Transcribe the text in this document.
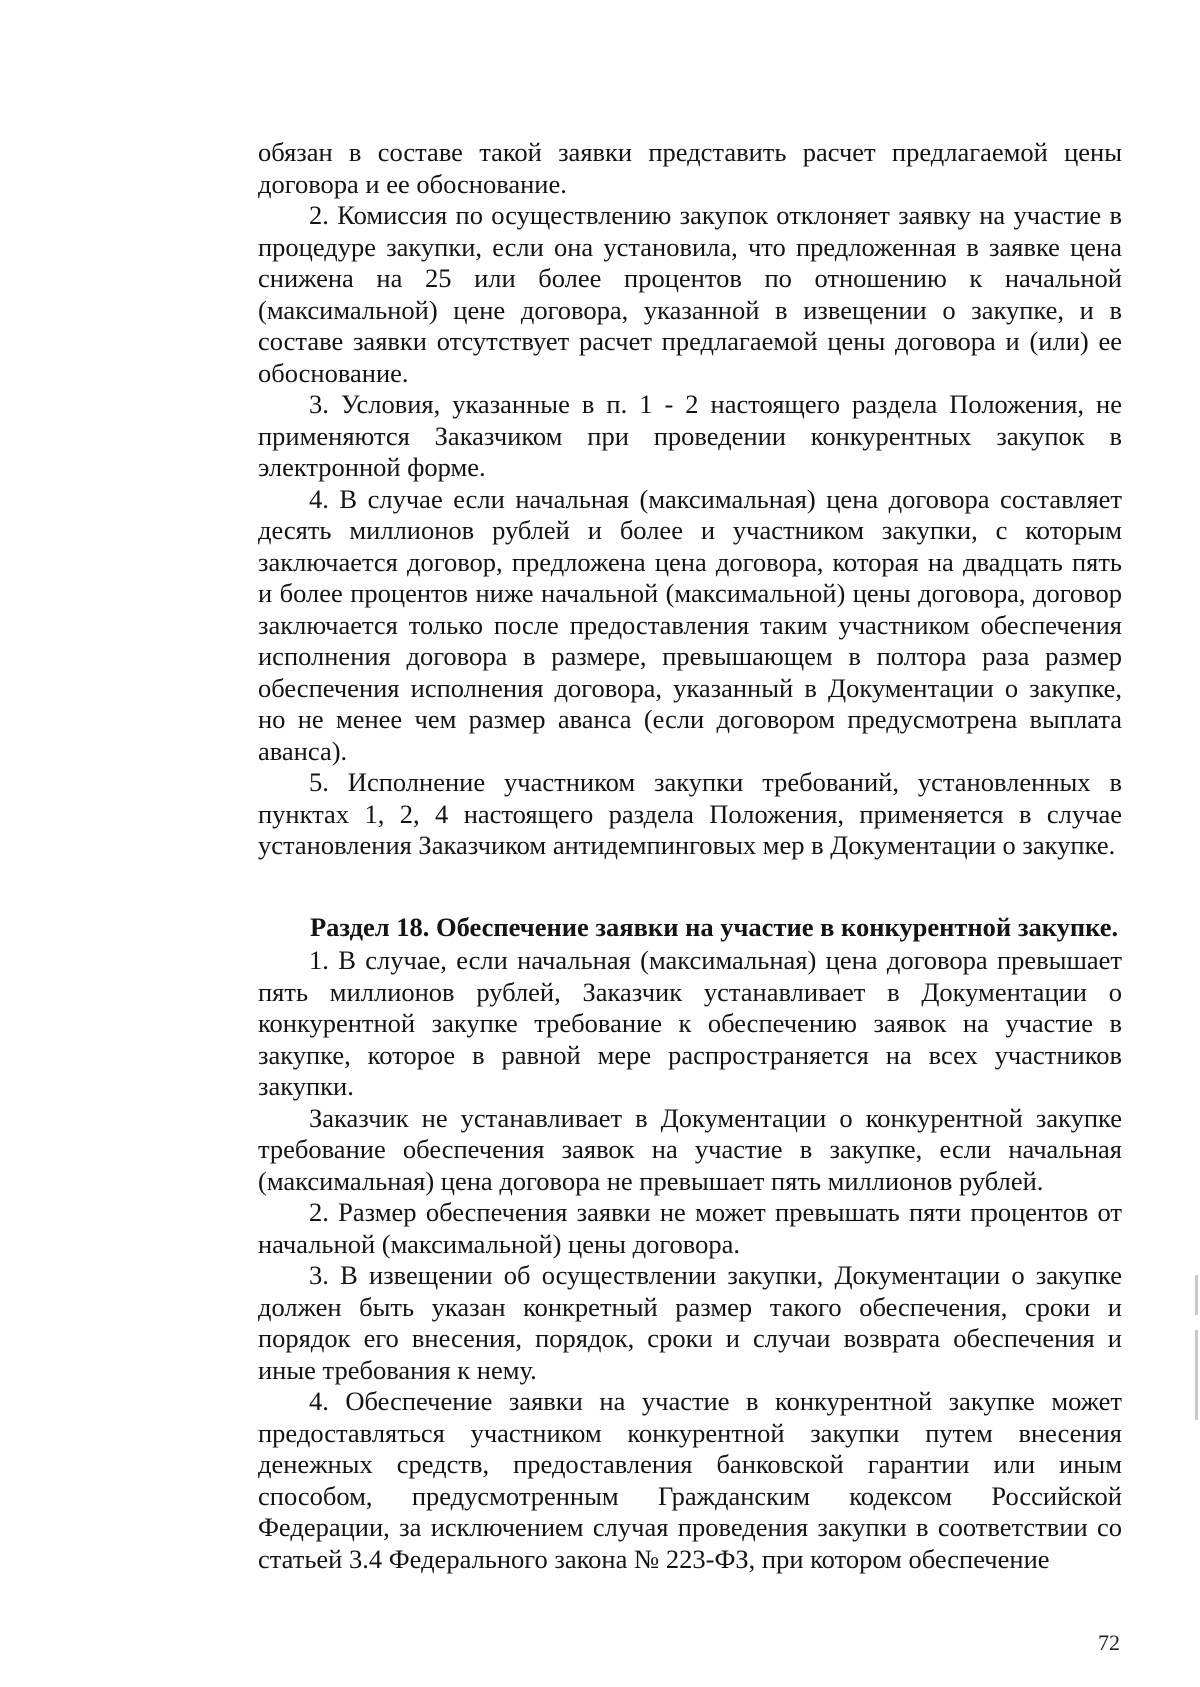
обязан в составе такой заявки представить расчет предлагаемой цены договора и ее обоснование.

2. Комиссия по осуществлению закупок отклоняет заявку на участие в процедуре закупки, если она установила, что предложенная в заявке цена снижена на 25 или более процентов по отношению к начальной (максимальной) цене договора, указанной в извещении о закупке, и в составе заявки отсутствует расчет предлагаемой цены договора и (или) ее обоснование.

3. Условия, указанные в п. 1 - 2 настоящего раздела Положения, не применяются Заказчиком при проведении конкурентных закупок в электронной форме.

4. В случае если начальная (максимальная) цена договора составляет десять миллионов рублей и более и участником закупки, с которым заключается договор, предложена цена договора, которая на двадцать пять и более процентов ниже начальной (максимальной) цены договора, договор заключается только после предоставления таким участником обеспечения исполнения договора в размере, превышающем в полтора раза размер обеспечения исполнения договора, указанный в Документации о закупке, но не менее чем размер аванса (если договором предусмотрена выплата аванса).

5. Исполнение участником закупки требований, установленных в пунктах 1, 2, 4 настоящего раздела Положения, применяется в случае установления Заказчиком антидемпинговых мер в Документации о закупке.

Раздел 18. Обеспечение заявки на участие в конкурентной закупке.

1. В случае, если начальная (максимальная) цена договора превышает пять миллионов рублей, Заказчик устанавливает в Документации о конкурентной закупке требование к обеспечению заявок на участие в закупке, которое в равной мере распространяется на всех участников закупки.

Заказчик не устанавливает в Документации о конкурентной закупке требование обеспечения заявок на участие в закупке, если начальная (максимальная) цена договора не превышает пять миллионов рублей.

2. Размер обеспечения заявки не может превышать пяти процентов от начальной (максимальной) цены договора.

3. В извещении об осуществлении закупки, Документации о закупке должен быть указан конкретный размер такого обеспечения, сроки и порядок его внесения, порядок, сроки и случаи возврата обеспечения и иные требования к нему.

4. Обеспечение заявки на участие в конкурентной закупке может предоставляться участником конкурентной закупки путем внесения денежных средств, предоставления банковской гарантии или иным способом, предусмотренным Гражданским кодексом Российской Федерации, за исключением случая проведения закупки в соответствии со статьей 3.4 Федерального закона № 223-ФЗ, при котором обеспечение

72
